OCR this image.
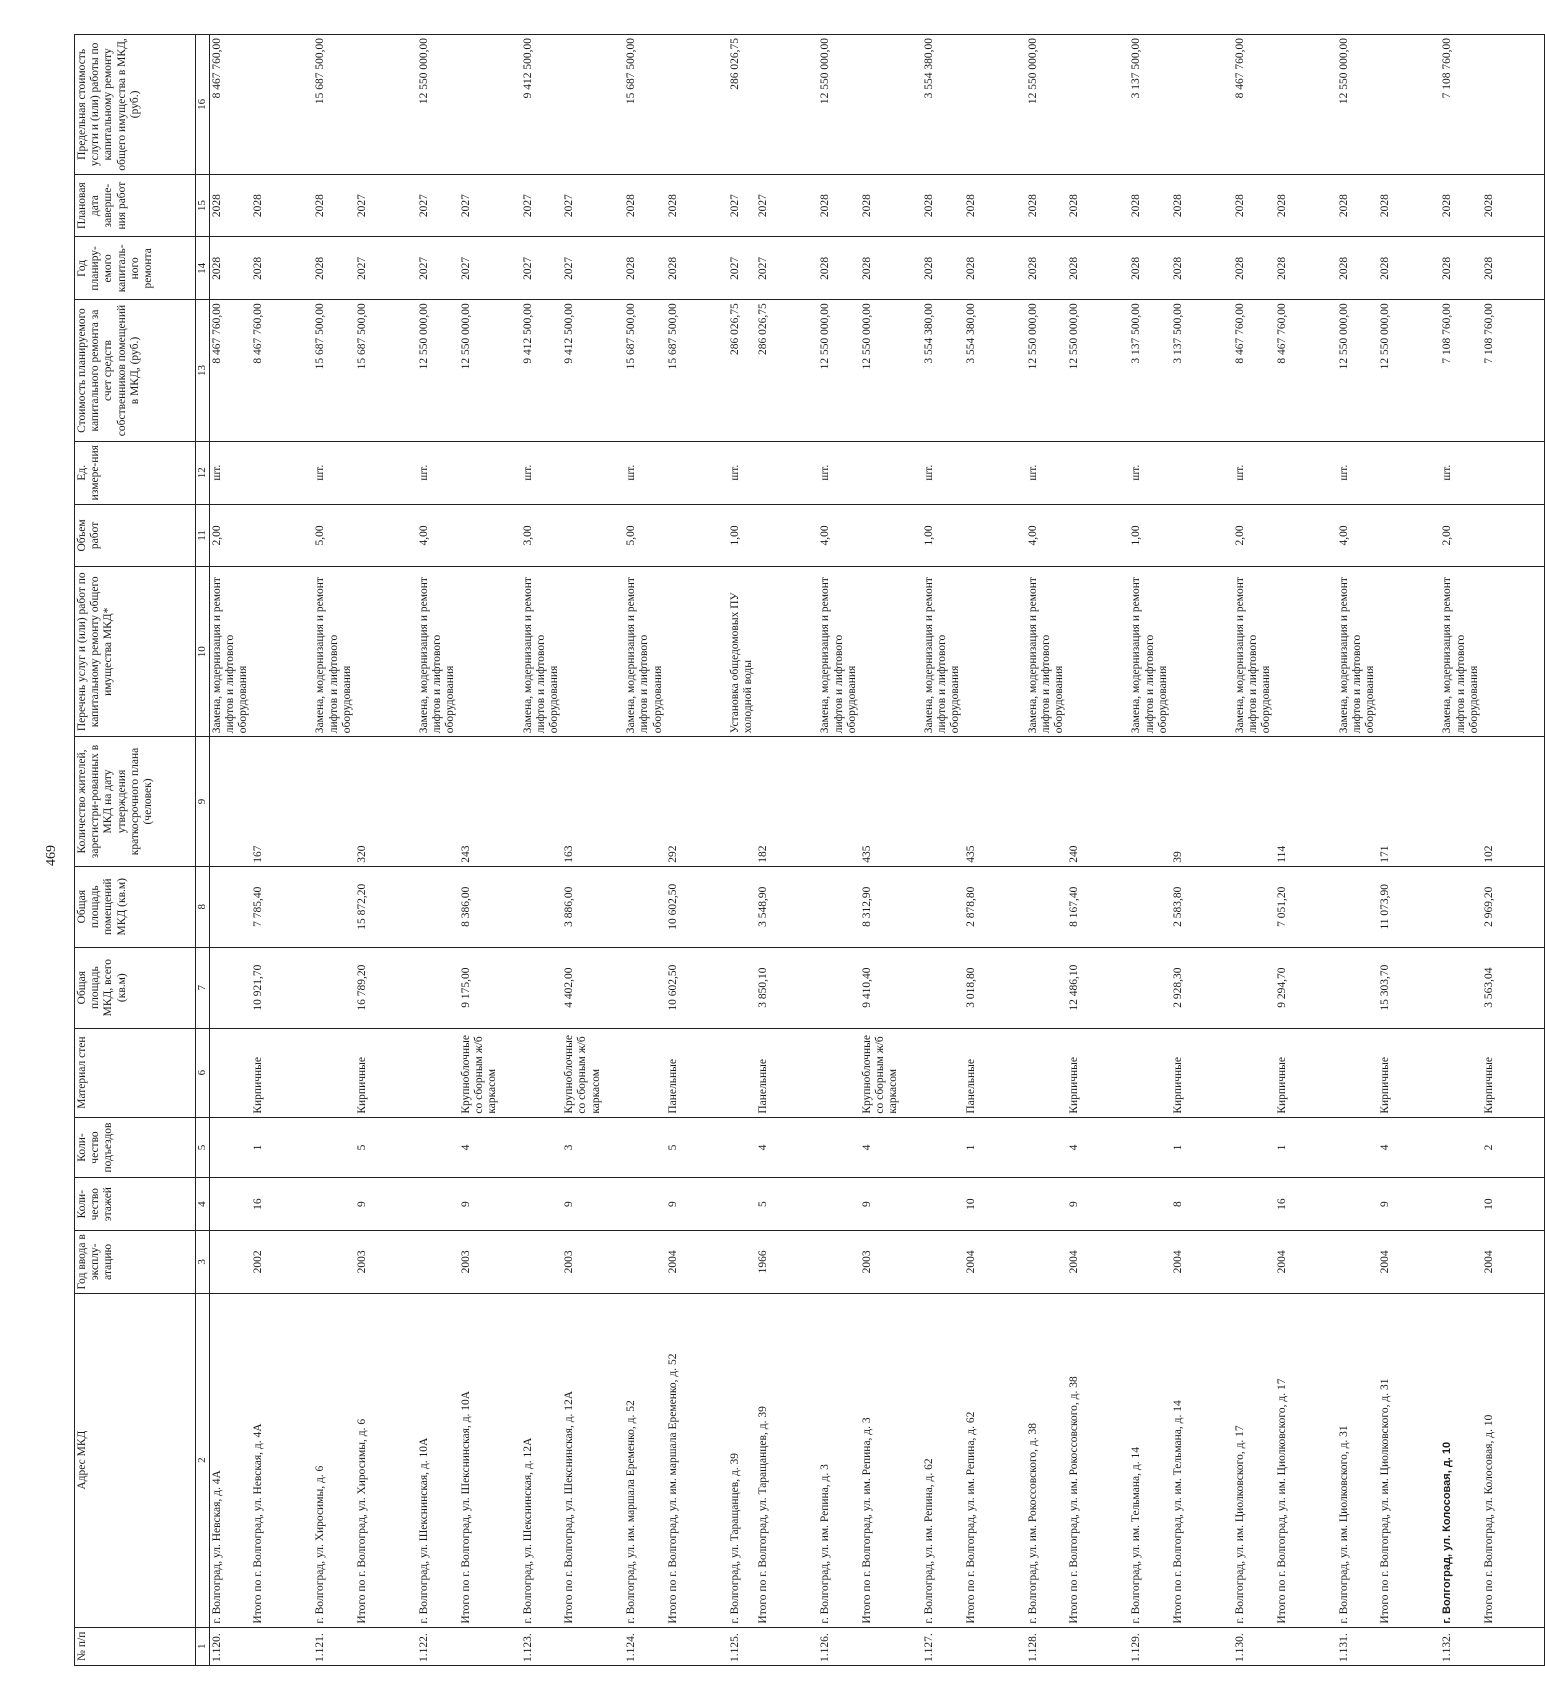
469
№ п/п	Адрес МКД	Год ввода в эксплу-атацию	Коли-чество этажей	Коли-чество подъездов	Материал стен	Общая площадь МКД, всего (кв.м)	Общая площадь помещений МКД (кв.м)	Количество жителей, зарегистри-рованных в МКД на дату утверждения краткосрочного плана (человек)	Перечень услуг и (или) работ по капитальному ремонту общего имущества МКД*	Объем работ	Ед. измере-ния	Стоимость планируемого капитального ремонта за счет средств собственников помещений в МКД, (руб.)	Год планиру-емого капиталь-ного ремонта	Плановая дата заверше-ния работ	Предельная стоимость услуги и (или) работы по капитальному ремонту общего имущества в МКД, (руб.)
1	2	3	4	5	6	7	8	9	10	11	12	13	14	15	16
1.120.	г. Волгоград, ул. Невская, д. 4А								Замена, модернизация и ремонт лифтов и лифтового оборудования	2,00	шт.	8 467 760,00	2028	2028	8 467 760,00
	Итого по г. Волгоград, ул. Невская, д. 4А	2002	16	1	Кирпичные	10 921,70	7 785,40	167				8 467 760,00	2028	2028	
1.121.	г. Волгоград, ул. Хиросимы, д. 6								Замена, модернизация и ремонт лифтов и лифтового оборудования	5,00	шт.	15 687 500,00	2028	2028	15 687 500,00
	Итого по г. Волгоград, ул. Хиросимы, д. 6	2003	9	5	Кирпичные	16 789,20	15 872,20	320				15 687 500,00	2027	2027	
1.122.	г. Волгоград, ул. Шекснинская, д. 10А								Замена, модернизация и ремонт лифтов и лифтового оборудования	4,00	шт.	12 550 000,00	2027	2027	12 550 000,00
	Итого по г. Волгоград, ул. Шекснинская, д. 10А	2003	9	4	Крупноблочные со сборным ж/б каркасом	9 175,00	8 386,00	243				12 550 000,00	2027	2027	
1.123.	г. Волгоград, ул. Шекснинская, д. 12А								Замена, модернизация и ремонт лифтов и лифтового оборудования	3,00	шт.	9 412 500,00	2027	2027	9 412 500,00
	Итого по г. Волгоград, ул. Шекснинская, д. 12А	2003	9	3	Крупноблочные со сборным ж/б каркасом	4 402,00	3 886,00	163				9 412 500,00	2027	2027	
1.124.	г. Волгоград, ул. им. маршала Еременко, д. 52								Замена, модернизация и ремонт лифтов и лифтового оборудования	5,00	шт.	15 687 500,00	2028	2028	15 687 500,00
	Итого по г. Волгоград, ул. им. маршала Еременко, д. 52	2004	9	5	Панельные	10 602,50	10 602,50	292				15 687 500,00	2028	2028	
1.125.	г. Волгоград, ул. Таращанцев, д. 39								Установка общедомовых ПУ холодной воды	1,00	шт.	286 026,75	2027	2027	286 026,75
	Итого по г. Волгоград, ул. Таращанцев, д. 39	1966	5	4	Панельные	3 850,10	3 548,90	182				286 026,75	2027	2027	
1.126.	г. Волгоград, ул. им. Репина, д. 3								Замена, модернизация и ремонт лифтов и лифтового оборудования	4,00	шт.	12 550 000,00	2028	2028	12 550 000,00
	Итого по г. Волгоград, ул. им. Репина, д. 3	2003	9	4	Крупноблочные со сборным ж/б каркасом	9 410,40	8 312,90	435				12 550 000,00	2028	2028	
1.127.	г. Волгоград, ул. им. Репина, д. 62								Замена, модернизация и ремонт лифтов и лифтового оборудования	1,00	шт.	3 554 380,00	2028	2028	3 554 380,00
	Итого по г. Волгоград, ул. им. Репина, д. 62	2004	10	1	Панельные	3 018,80	2 878,80	435				3 554 380,00	2028	2028	
1.128.	г. Волгоград, ул. им. Рокоссовского, д. 38								Замена, модернизация и ремонт лифтов и лифтового оборудования	4,00	шт.	12 550 000,00	2028	2028	12 550 000,00
	Итого по г. Волгоград, ул. им. Рокоссовского, д. 38	2004	9	4	Кирпичные	12 486,10	8 167,40	240				12 550 000,00	2028	2028	
1.129.	г. Волгоград, ул. им. Тельмана, д. 14								Замена, модернизация и ремонт лифтов и лифтового оборудования	1,00	шт.	3 137 500,00	2028	2028	3 137 500,00
	Итого по г. Волгоград, ул. им. Тельмана, д. 14	2004	8	1	Кирпичные	2 928,30	2 583,80	39				3 137 500,00	2028	2028	
1.130.	г. Волгоград, ул. им. Циолковского, д. 17								Замена, модернизация и ремонт лифтов и лифтового оборудования	2,00	шт.	8 467 760,00	2028	2028	8 467 760,00
	Итого по г. Волгоград, ул. им. Циолковского, д. 17	2004	16	1	Кирпичные	9 294,70	7 051,20	114				8 467 760,00	2028	2028	
1.131.	г. Волгоград, ул. им. Циолковского, д. 31								Замена, модернизация и ремонт лифтов и лифтового оборудования	4,00	шт.	12 550 000,00	2028	2028	12 550 000,00
	Итого по г. Волгоград, ул. им. Циолковского, д. 31	2004	9	4	Кирпичные	15 303,70	11 073,90	171				12 550 000,00	2028	2028	
1.132.	г. Волгоград, ул. Колосовая, д. 10								Замена, модернизация и ремонт лифтов и лифтового оборудования	2,00	шт.	7 108 760,00	2028	2028	7 108 760,00
	Итого по г. Волгоград, ул. Колосовая, д. 10	2004	10	2	Кирпичные	3 563,04	2 969,20	102				7 108 760,00	2028	2028	
